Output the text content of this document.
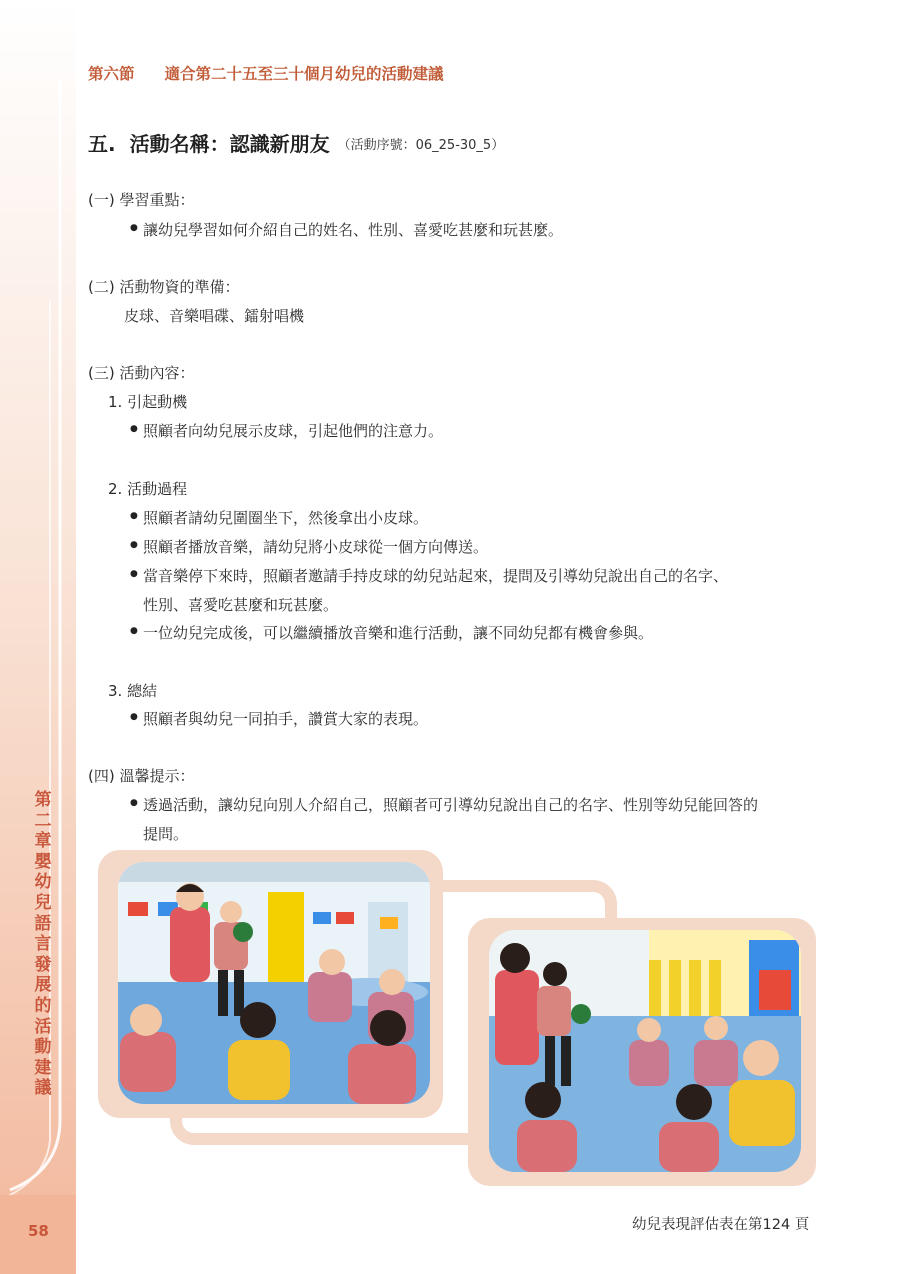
第
二
章
嬰
幼
兒
語
言
發
展
的
活
動
建
議
58
第六節 適合第二十五至三十個月幼兒的活動建議
五. 活動名稱：認識新朋友 （活動序號：06_25-30_5）
(一) 學習重點：
● 讓幼兒學習如何介紹自己的姓名、性別、喜愛吃甚麼和玩甚麼。
(二) 活動物資的準備：
皮球、音樂唱碟、鐳射唱機
(三) 活動內容：
1. 引起動機
● 照顧者向幼兒展示皮球，引起他們的注意力。
2. 活動過程
● 照顧者請幼兒圍圈坐下，然後拿出小皮球。
● 照顧者播放音樂，請幼兒將小皮球從一個方向傳送。
● 當音樂停下來時，照顧者邀請手持皮球的幼兒站起來，提問及引導幼兒說出自己的名字、
性別、喜愛吃甚麼和玩甚麼。
● 一位幼兒完成後，可以繼續播放音樂和進行活動，讓不同幼兒都有機會參與。
3. 總結
● 照顧者與幼兒一同拍手，讚賞大家的表現。
(四) 溫馨提示：
● 透過活動，讓幼兒向別人介紹自己，照顧者可引導幼兒說出自己的名字、性別等幼兒能回答的
提問。
幼兒表現評估表在第124 頁
